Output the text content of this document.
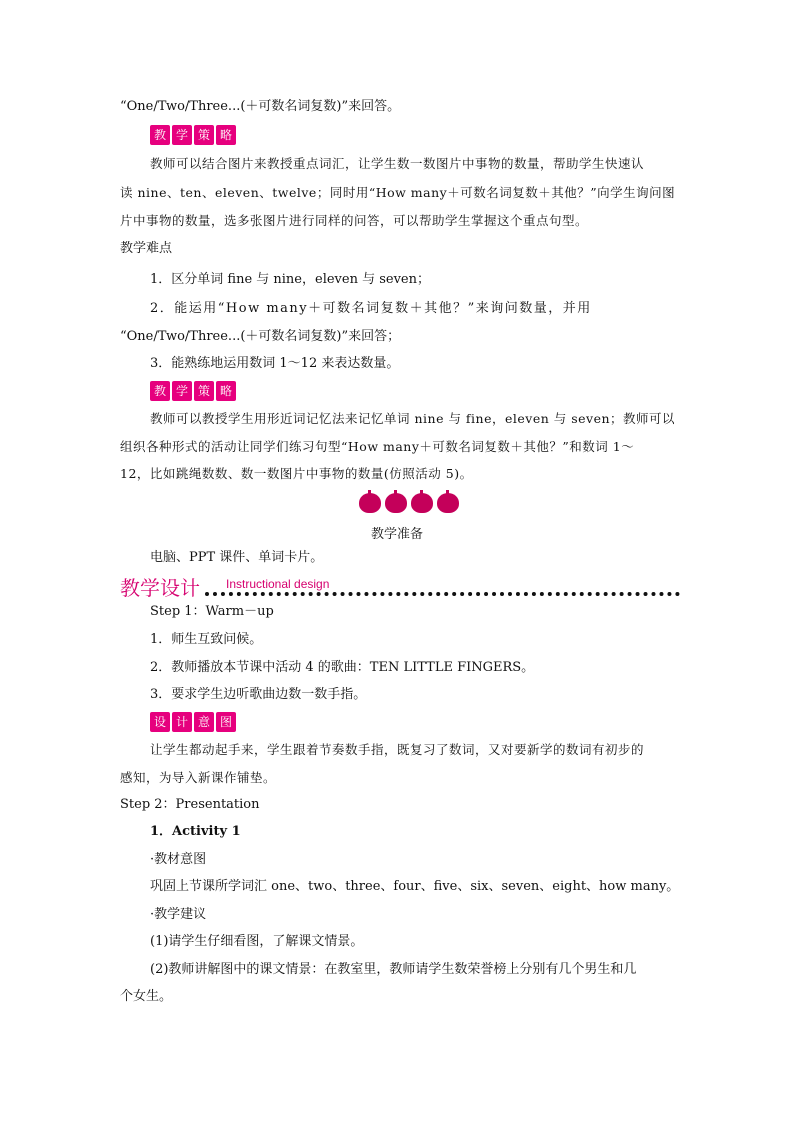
“One/Two/Three...(＋可数名词复数)”来回答。
教 学 策 略
教师可以结合图片来教授重点词汇，让学生数一数图片中事物的数量，帮助学生快速认
读 nine、ten、eleven、twelve；同时用“How many＋可数名词复数＋其他？”向学生询问图
片中事物的数量，选多张图片进行同样的问答，可以帮助学生掌握这个重点句型。
教学难点
1．区分单词 fine 与 nine，eleven 与 seven；
2．能运用“How many＋可数名词复数＋其他？”来询问数量，并用
“One/Two/Three...(＋可数名词复数)”来回答；
3．能熟练地运用数词 1～12 来表达数量。
教 学 策 略
教师可以教授学生用形近词记忆法来记忆单词 nine 与 fine，eleven 与 seven；教师可以
组织各种形式的活动让同学们练习句型“How many＋可数名词复数＋其他？”和数词 1～
12，比如跳绳数数、数一数图片中事物的数量(仿照活动 5)。
教学准备
电脑、PPT 课件、单词卡片。
教学设计 Instructional design
Step 1：Warm－up
1．师生互致问候。
2．教师播放本节课中活动 4 的歌曲：TEN LITTLE FINGERS。
3．要求学生边听歌曲边数一数手指。
设 计 意 图
让学生都动起手来，学生跟着节奏数手指，既复习了数词，又对要新学的数词有初步的
感知，为导入新课作铺垫。
Step 2：Presentation
1．Activity 1
·教材意图
巩固上节课所学词汇 one、two、three、four、five、six、seven、eight、how many。
·教学建议
(1)请学生仔细看图，了解课文情景。
(2)教师讲解图中的课文情景：在教室里，教师请学生数荣誉榜上分别有几个男生和几
个女生。
